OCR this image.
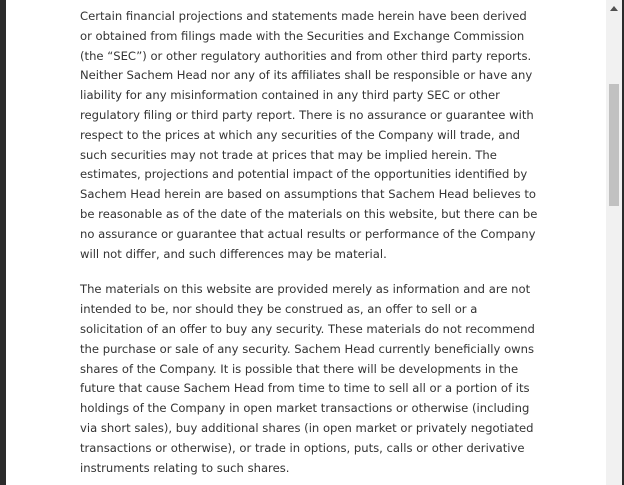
Certain financial projections and statements made herein have been derived or obtained from filings made with the Securities and Exchange Commission (the “SEC”) or other regulatory authorities and from other third party reports. Neither Sachem Head nor any of its affiliates shall be responsible or have any liability for any misinformation contained in any third party SEC or other regulatory filing or third party report. There is no assurance or guarantee with respect to the prices at which any securities of the Company will trade, and such securities may not trade at prices that may be implied herein. The estimates, projections and potential impact of the opportunities identified by Sachem Head herein are based on assumptions that Sachem Head believes to be reasonable as of the date of the materials on this website, but there can be no assurance or guarantee that actual results or performance of the Company will not differ, and such differences may be material.

The materials on this website are provided merely as information and are not intended to be, nor should they be construed as, an offer to sell or a solicitation of an offer to buy any security. These materials do not recommend the purchase or sale of any security. Sachem Head currently beneficially owns shares of the Company. It is possible that there will be developments in the future that cause Sachem Head from time to time to sell all or a portion of its holdings of the Company in open market transactions or otherwise (including via short sales), buy additional shares (in open market or privately negotiated transactions or otherwise), or trade in options, puts, calls or other derivative instruments relating to such shares.
